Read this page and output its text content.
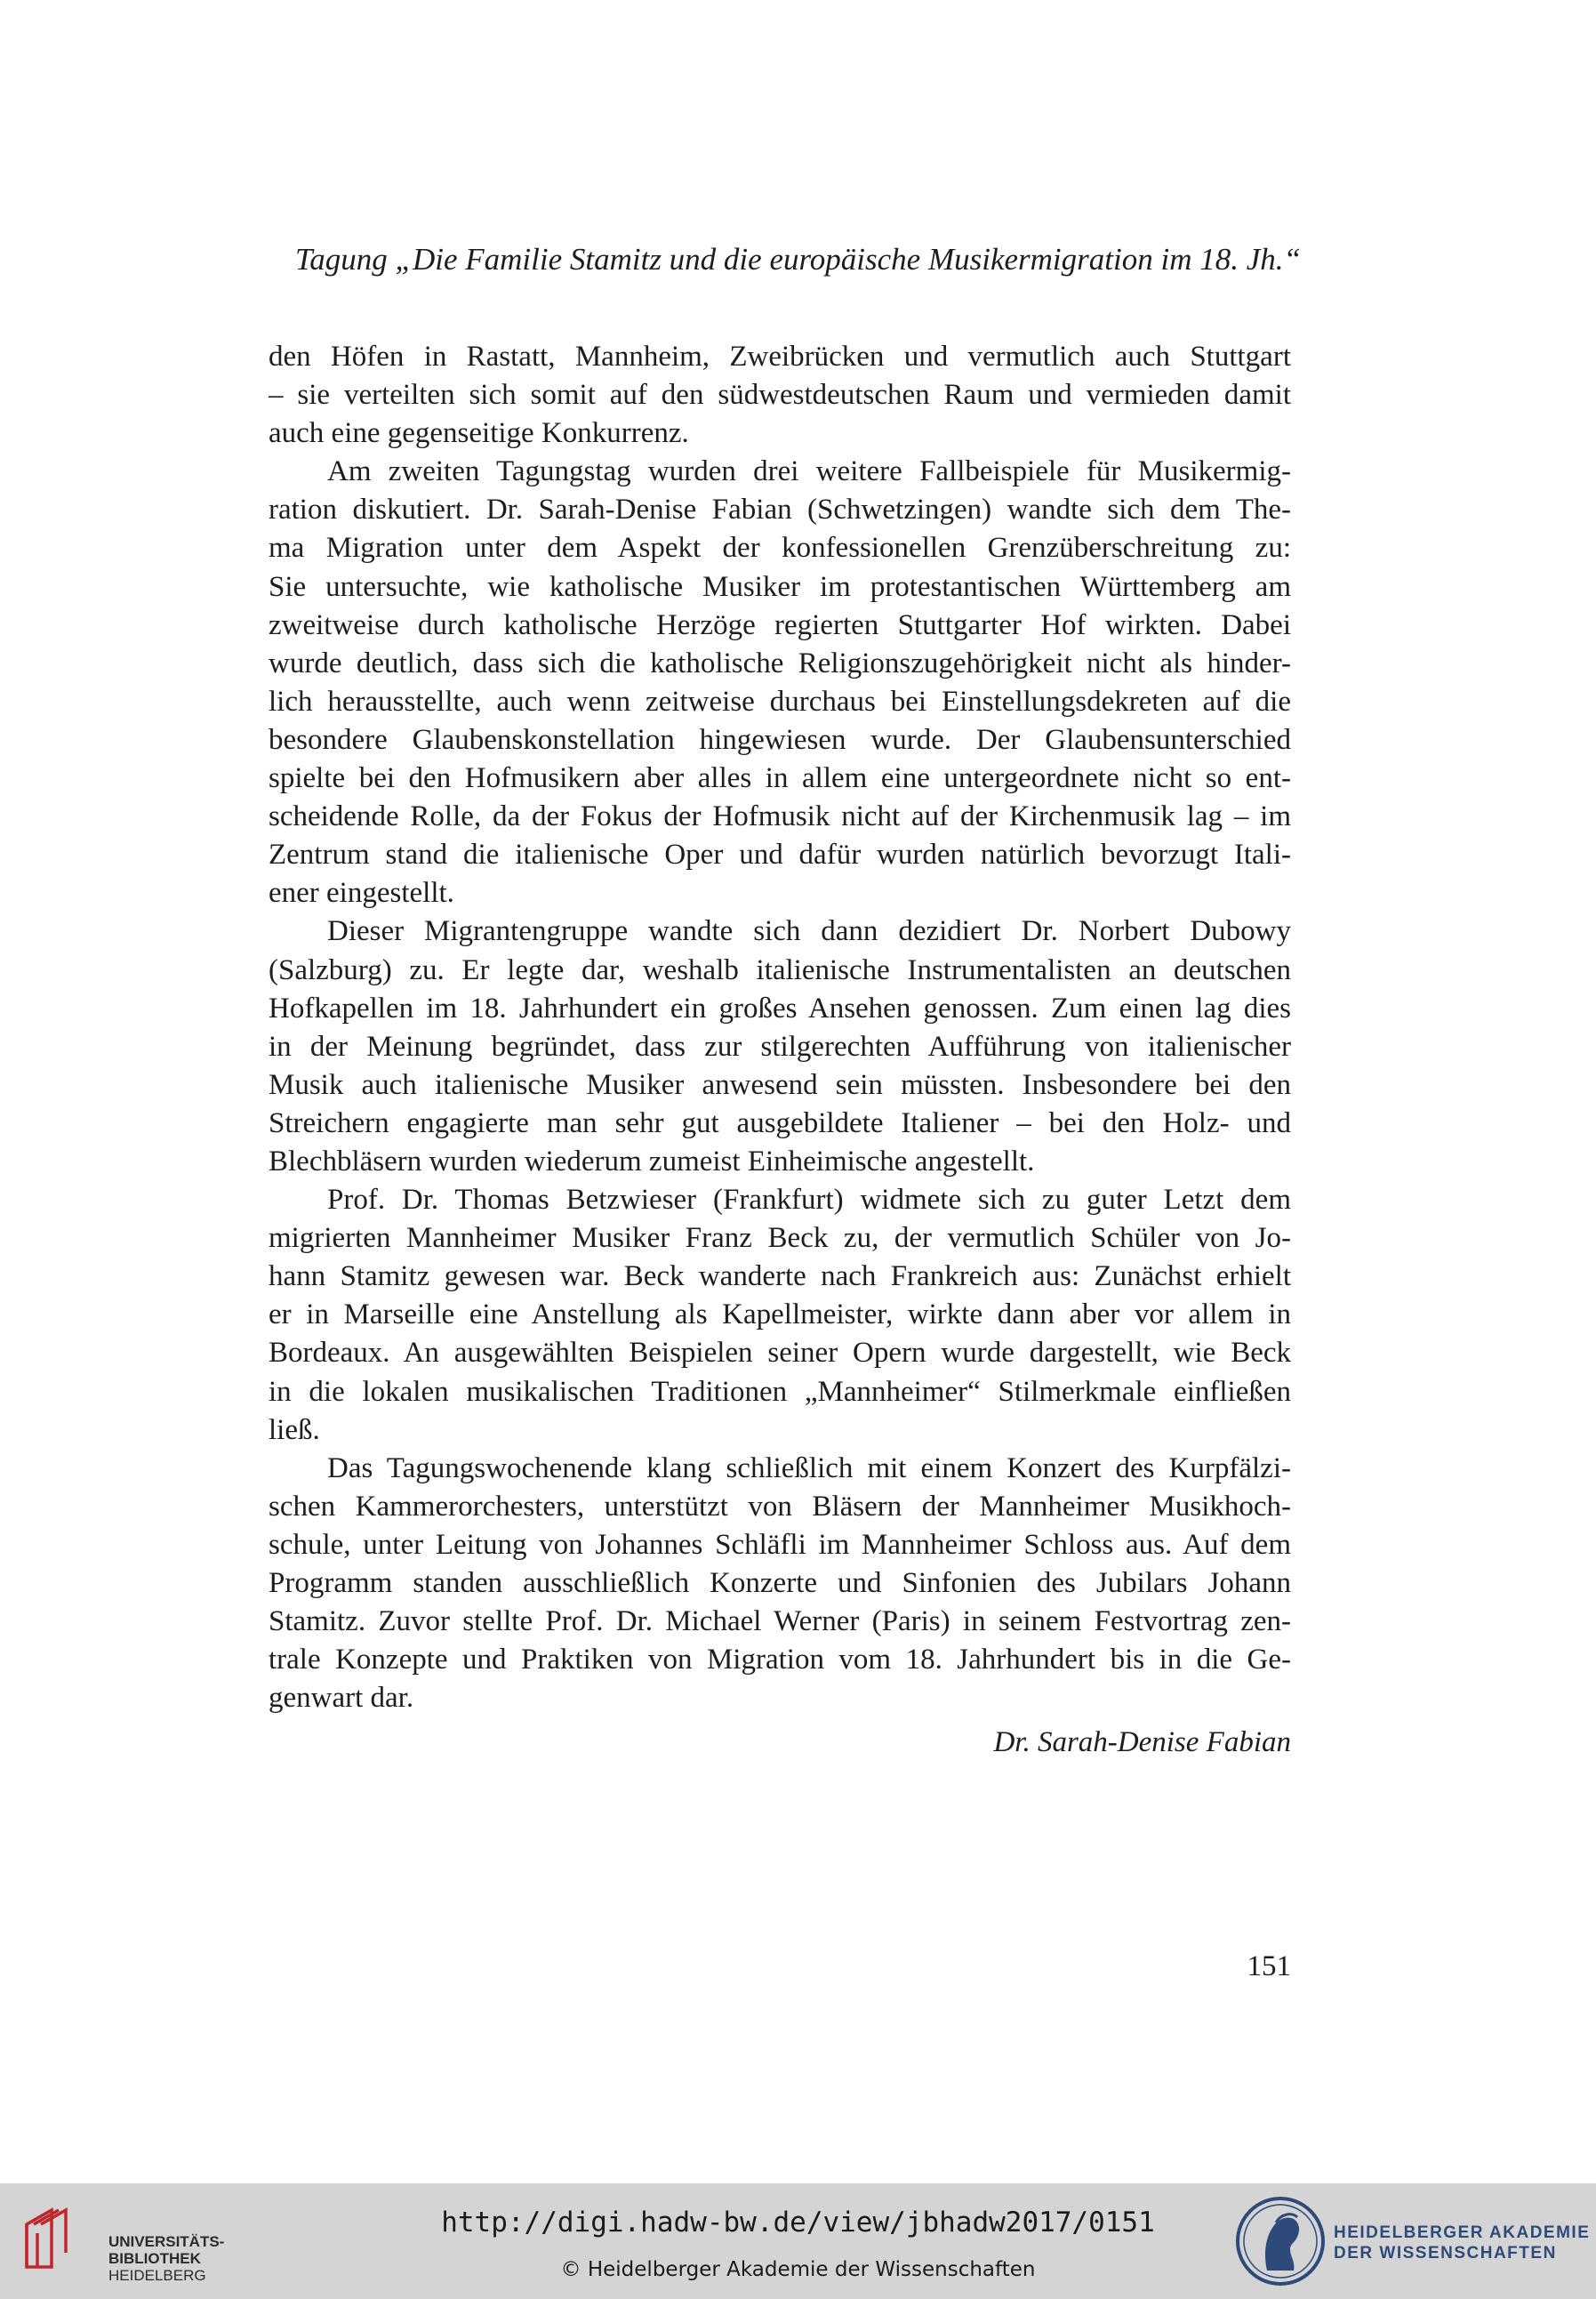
Tagung „Die Familie Stamitz und die europäische Musikermigration im 18. Jh.“
den Höfen in Rastatt, Mannheim, Zweibrücken und vermutlich auch Stuttgart
– sie verteilten sich somit auf den südwestdeutschen Raum und vermieden damit
auch eine gegenseitige Konkurrenz.
Am zweiten Tagungstag wurden drei weitere Fallbeispiele für Musikermig-
ration diskutiert. Dr. Sarah-Denise Fabian (Schwetzingen) wandte sich dem The-
ma Migration unter dem Aspekt der konfessionellen Grenzüberschreitung zu:
Sie untersuchte, wie katholische Musiker im protestantischen Württemberg am
zweitweise durch katholische Herzöge regierten Stuttgarter Hof wirkten. Dabei
wurde deutlich, dass sich die katholische Religionszugehörigkeit nicht als hinder-
lich herausstellte, auch wenn zeitweise durchaus bei Einstellungsdekreten auf die
besondere Glaubenskonstellation hingewiesen wurde. Der Glaubensunterschied
spielte bei den Hofmusikern aber alles in allem eine untergeordnete nicht so ent-
scheidende Rolle, da der Fokus der Hofmusik nicht auf der Kirchenmusik lag – im
Zentrum stand die italienische Oper und dafür wurden natürlich bevorzugt Itali-
ener eingestellt.
Dieser Migrantengruppe wandte sich dann dezidiert Dr. Norbert Dubowy
(Salzburg) zu. Er legte dar, weshalb italienische Instrumentalisten an deutschen
Hofkapellen im 18. Jahrhundert ein großes Ansehen genossen. Zum einen lag dies
in der Meinung begründet, dass zur stilgerechten Aufführung von italienischer
Musik auch italienische Musiker anwesend sein müssten. Insbesondere bei den
Streichern engagierte man sehr gut ausgebildete Italiener – bei den Holz- und
Blechbläsern wurden wiederum zumeist Einheimische angestellt.
Prof. Dr. Thomas Betzwieser (Frankfurt) widmete sich zu guter Letzt dem
migrierten Mannheimer Musiker Franz Beck zu, der vermutlich Schüler von Jo-
hann Stamitz gewesen war. Beck wanderte nach Frankreich aus: Zunächst erhielt
er in Marseille eine Anstellung als Kapellmeister, wirkte dann aber vor allem in
Bordeaux. An ausgewählten Beispielen seiner Opern wurde dargestellt, wie Beck
in die lokalen musikalischen Traditionen „Mannheimer“ Stilmerkmale einfließen
ließ.
Das Tagungswochenende klang schließlich mit einem Konzert des Kurpfälzi-
schen Kammerorchesters, unterstützt von Bläsern der Mannheimer Musikhoch-
schule, unter Leitung von Johannes Schläfli im Mannheimer Schloss aus. Auf dem
Programm standen ausschließlich Konzerte und Sinfonien des Jubilars Johann
Stamitz. Zuvor stellte Prof. Dr. Michael Werner (Paris) in seinem Festvortrag zen-
trale Konzepte und Praktiken von Migration vom 18. Jahrhundert bis in die Ge-
genwart dar.
Dr. Sarah-Denise Fabian
151
UNIVERSITÄTS-
BIBLIOTHEK
HEIDELBERG
http://digi.hadw-bw.de/view/jbhadw2017/0151
© Heidelberger Akademie der Wissenschaften
HEIDELBERGER AKADEMIE
DER WISSENSCHAFTEN
